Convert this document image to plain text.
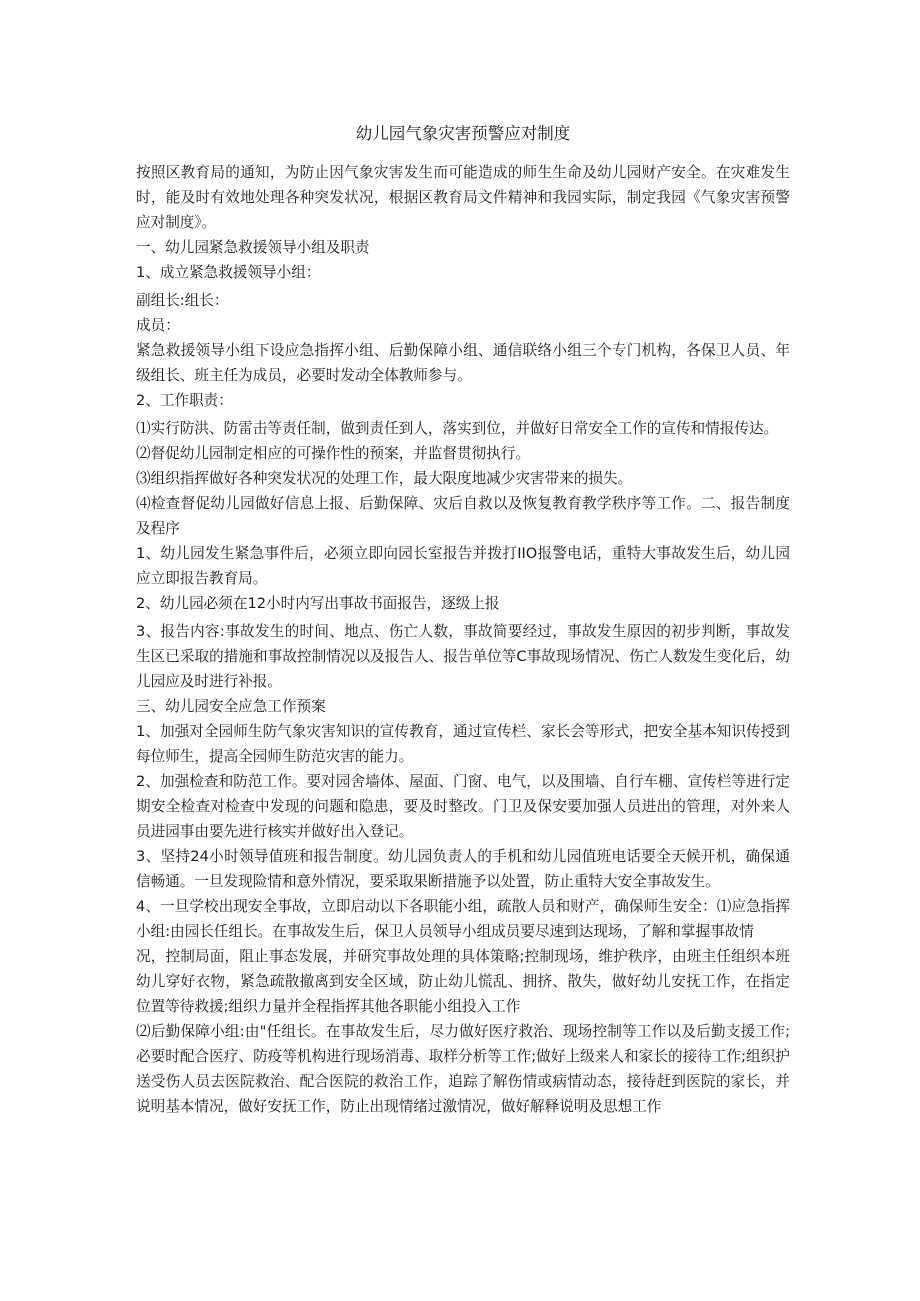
幼儿园气象灾害预警应对制度

按照区教育局的通知，为防止因气象灾害发生而可能造成的师生生命及幼儿园财产安全。在灾难发生时，能及时有效地处理各种突发状况，根据区教育局文件精神和我园实际，制定我园《气象灾害预警应对制度》。

一、幼儿园紧急救援领导小组及职责

1、成立紧急救援领导小组：

副组长:组长：

成员：

紧急救援领导小组下设应急指挥小组、后勤保障小组、通信联络小组三个专门机构，各保卫人员、年级组长、班主任为成员，必要时发动全体教师参与。

2、工作职责：

⑴实行防洪、防雷击等责任制，做到责任到人，落实到位，并做好日常安全工作的宣传和情报传达。

⑵督促幼儿园制定相应的可操作性的预案，并监督贯彻执行。

⑶组织指挥做好各种突发状况的处理工作，最大限度地减少灾害带来的损失。

⑷检查督促幼儿园做好信息上报、后勤保障、灾后自救以及恢复教育教学秩序等工作。二、报告制度及程序

1、幼儿园发生紧急事件后，必须立即向园长室报告并拨打IIO报警电话，重特大事故发生后，幼儿园应立即报告教育局。

2、幼儿园必须在12小时内写出事故书面报告，逐级上报

3、报告内容:事故发生的时间、地点、伤亡人数，事故简要经过，事故发生原因的初步判断，事故发生区已采取的措施和事故控制情况以及报告人、报告单位等C事故现场情况、伤亡人数发生变化后，幼儿园应及时进行补报。

三、幼儿园安全应急工作预案

1、加强对全园师生防气象灾害知识的宣传教育，通过宣传栏、家长会等形式，把安全基本知识传授到每位师生，提高全园师生防范灾害的能力。

2、加强检查和防范工作。要对园舍墙体、屋面、门窗、电气，以及围墙、自行车棚、宣传栏等进行定期安全检查对检查中发现的问题和隐患，要及时整改。门卫及保安要加强人员进出的管理，对外来人员进园事由要先进行核实并做好出入登记。

3、坚持24小时领导值班和报告制度。幼儿园负责人的手机和幼儿园值班电话要全天候开机，确保通信畅通。一旦发现险情和意外情况，要采取果断措施予以处置，防止重特大安全事故发生。

4、一旦学校出现安全事故，立即启动以下各职能小组，疏散人员和财产，确保师生安全：⑴应急指挥小组:由园长任组长。在事故发生后，保卫人员领导小组成员要尽速到达现场，了解和掌握事故情

况，控制局面，阻止事态发展，并研究事故处理的具体策略;控制现场，维护秩序，由班主任组织本班幼儿穿好衣物，紧急疏散撤离到安全区域，防止幼儿慌乱、拥挤、散失，做好幼儿安抚工作，在指定位置等待救援;组织力量并全程指挥其他各职能小组投入工作

⑵后勤保障小组:由"任组长。在事故发生后，尽力做好医疗救治、现场控制等工作以及后勤支援工作;必要时配合医疗、防疫等机构进行现场消毒、取样分析等工作;做好上级来人和家长的接待工作;组织护送受伤人员去医院救治、配合医院的救治工作，追踪了解伤情或病情动态，接待赶到医院的家长，并说明基本情况，做好安抚工作，防止出现情绪过激情况，做好解释说明及思想工作
